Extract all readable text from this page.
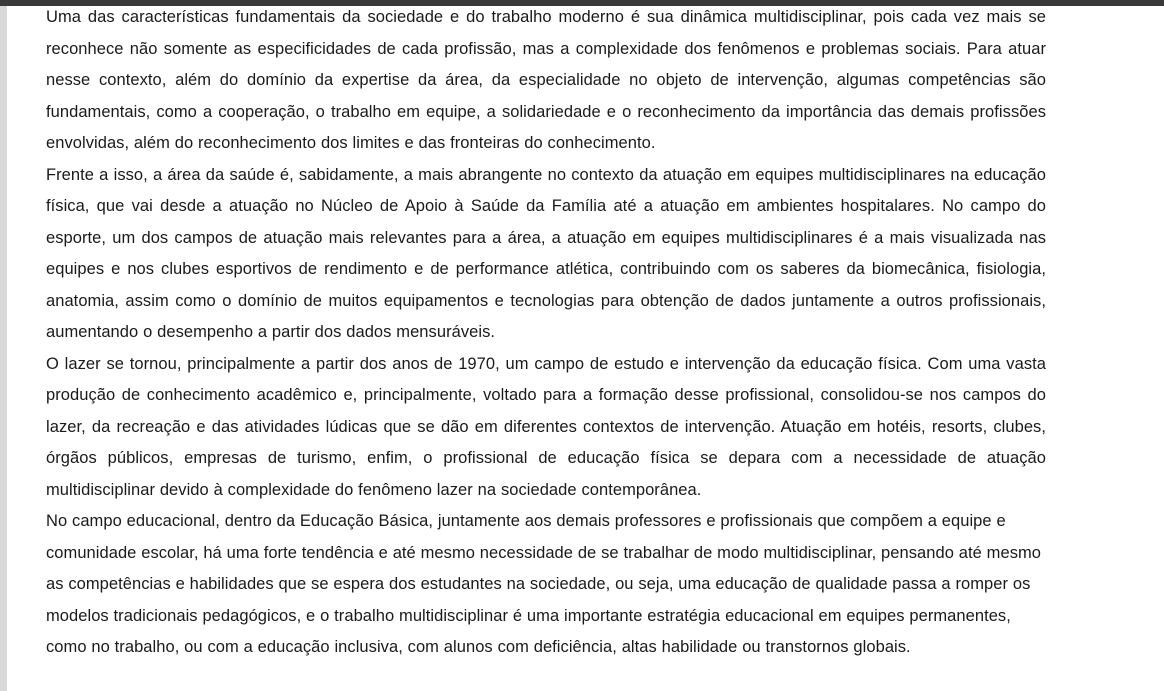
Uma das características fundamentais da sociedade e do trabalho moderno é sua dinâmica multidisciplinar, pois cada vez mais se reconhece não somente as especificidades de cada profissão, mas a complexidade dos fenômenos e problemas sociais. Para atuar nesse contexto, além do domínio da expertise da área, da especialidade no objeto de intervenção, algumas competências são fundamentais, como a cooperação, o trabalho em equipe, a solidariedade e o reconhecimento da importância das demais profissões envolvidas, além do reconhecimento dos limites e das fronteiras do conhecimento.

Frente a isso, a área da saúde é, sabidamente, a mais abrangente no contexto da atuação em equipes multidisciplinares na educação física, que vai desde a atuação no Núcleo de Apoio à Saúde da Família até a atuação em ambientes hospitalares. No campo do esporte, um dos campos de atuação mais relevantes para a área, a atuação em equipes multidisciplinares é a mais visualizada nas equipes e nos clubes esportivos de rendimento e de performance atlética, contribuindo com os saberes da biomecânica, fisiologia, anatomia, assim como o domínio de muitos equipamentos e tecnologias para obtenção de dados juntamente a outros profissionais, aumentando o desempenho a partir dos dados mensuráveis.

O lazer se tornou, principalmente a partir dos anos de 1970, um campo de estudo e intervenção da educação física. Com uma vasta produção de conhecimento acadêmico e, principalmente, voltado para a formação desse profissional, consolidou-se nos campos do lazer, da recreação e das atividades lúdicas que se dão em diferentes contextos de intervenção. Atuação em hotéis, resorts, clubes, órgãos públicos, empresas de turismo, enfim, o profissional de educação física se depara com a necessidade de atuação multidisciplinar devido à complexidade do fenômeno lazer na sociedade contemporânea.

No campo educacional, dentro da Educação Básica, juntamente aos demais professores e profissionais que compõem a equipe e comunidade escolar, há uma forte tendência e até mesmo necessidade de se trabalhar de modo multidisciplinar, pensando até mesmo as competências e habilidades que se espera dos estudantes na sociedade, ou seja, uma educação de qualidade passa a romper os modelos tradicionais pedagógicos, e o trabalho multidisciplinar é uma importante estratégia educacional em equipes permanentes, como no trabalho, ou com a educação inclusiva, com alunos com deficiência, altas habilidade ou transtornos globais.
